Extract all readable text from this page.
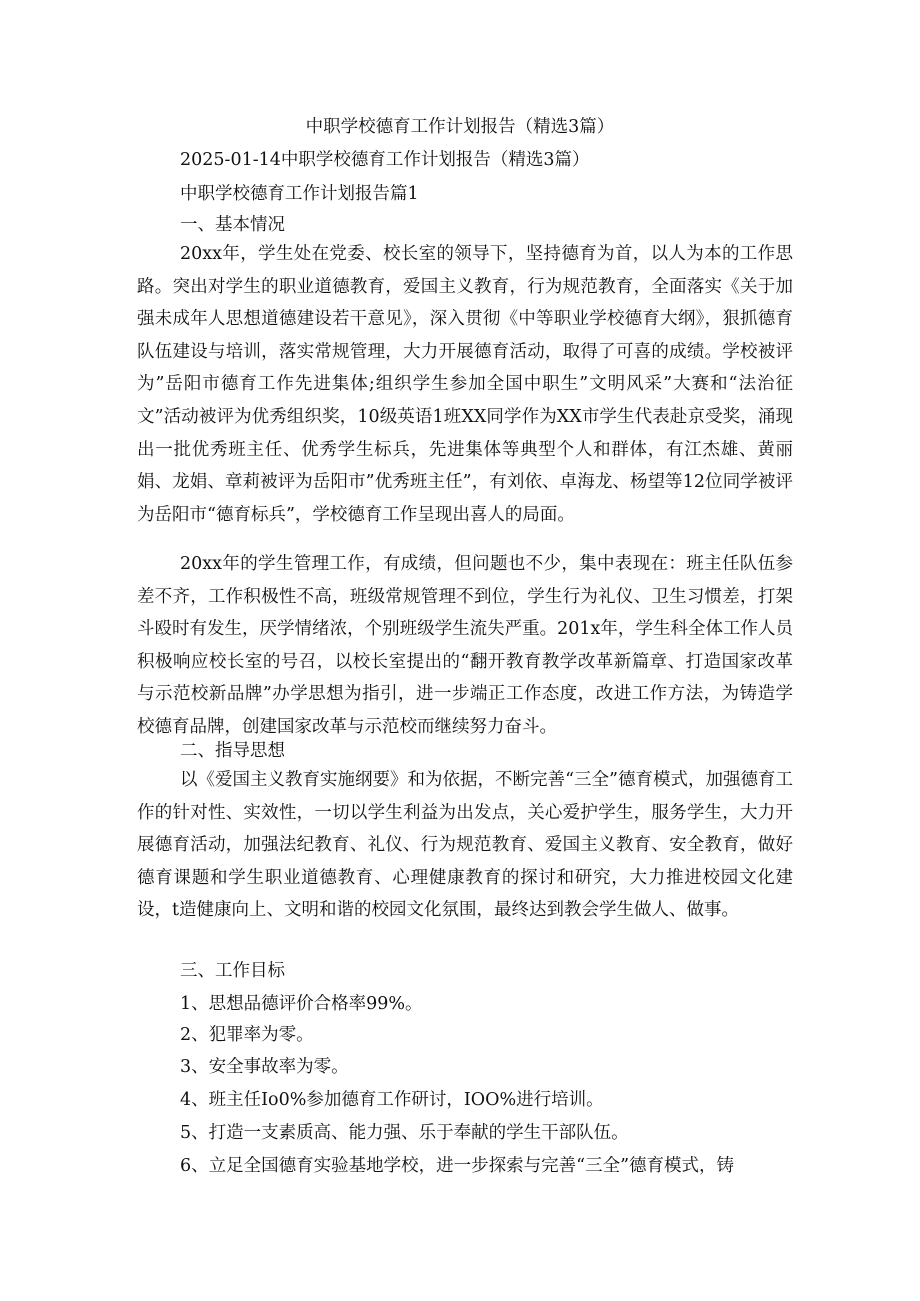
中职学校德育工作计划报告（精选3篇）
2025-01-14中职学校德育工作计划报告（精选3篇）
中职学校德育工作计划报告篇1
一、基本情况

20xx年，学生处在党委、校长室的领导下，坚持德育为首，以人为本的工作思路。突出对学生的职业道德教育，爱国主义教育，行为规范教育，全面落实《关于加强未成年人思想道德建设若干意见》，深入贯彻《中等职业学校德育大纲》，狠抓德育队伍建设与培训，落实常规管理，大力开展德育活动，取得了可喜的成绩。学校被评为”岳阳市德育工作先进集体;组织学生参加全国中职生”文明风采”大赛和“法治征文”活动被评为优秀组织奖，10级英语1班XX同学作为XX市学生代表赴京受奖，涌现出一批优秀班主任、优秀学生标兵，先进集体等典型个人和群体，有江杰雄、黄丽娟、龙娟、章莉被评为岳阳市”优秀班主任”，有刘依、卓海龙、杨望等12位同学被评为岳阳市“德育标兵”，学校德育工作呈现出喜人的局面。

20xx年的学生管理工作，有成绩，但问题也不少，集中表现在：班主任队伍参差不齐，工作积极性不高，班级常规管理不到位，学生行为礼仪、卫生习惯差，打架斗殴时有发生，厌学情绪浓，个别班级学生流失严重。201x年，学生科全体工作人员积极响应校长室的号召，以校长室提出的“翻开教育教学改革新篇章、打造国家改革与示范校新品牌”办学思想为指引，进一步端正工作态度，改进工作方法，为铸造学校德育品牌，创建国家改革与示范校而继续努力奋斗。

二、指导思想

以《爱国主义教育实施纲要》和为依据，不断完善“三全”德育模式，加强德育工作的针对性、实效性，一切以学生利益为出发点，关心爱护学生，服务学生，大力开展德育活动，加强法纪教育、礼仪、行为规范教育、爱国主义教育、安全教育，做好德育课题和学生职业道德教育、心理健康教育的探讨和研究，大力推进校园文化建设，t造健康向上、文明和谐的校园文化氛围，最终达到教会学生做人、做事。

三、工作目标
1、思想品德评价合格率99%。
2、犯罪率为零。
3、安全事故率为零。
4、班主任Io0%参加德育工作研讨，IOO%进行培训。
5、打造一支素质高、能力强、乐于奉献的学生干部队伍。
6、立足全国德育实验基地学校，进一步探索与完善“三全”德育模式，铸
